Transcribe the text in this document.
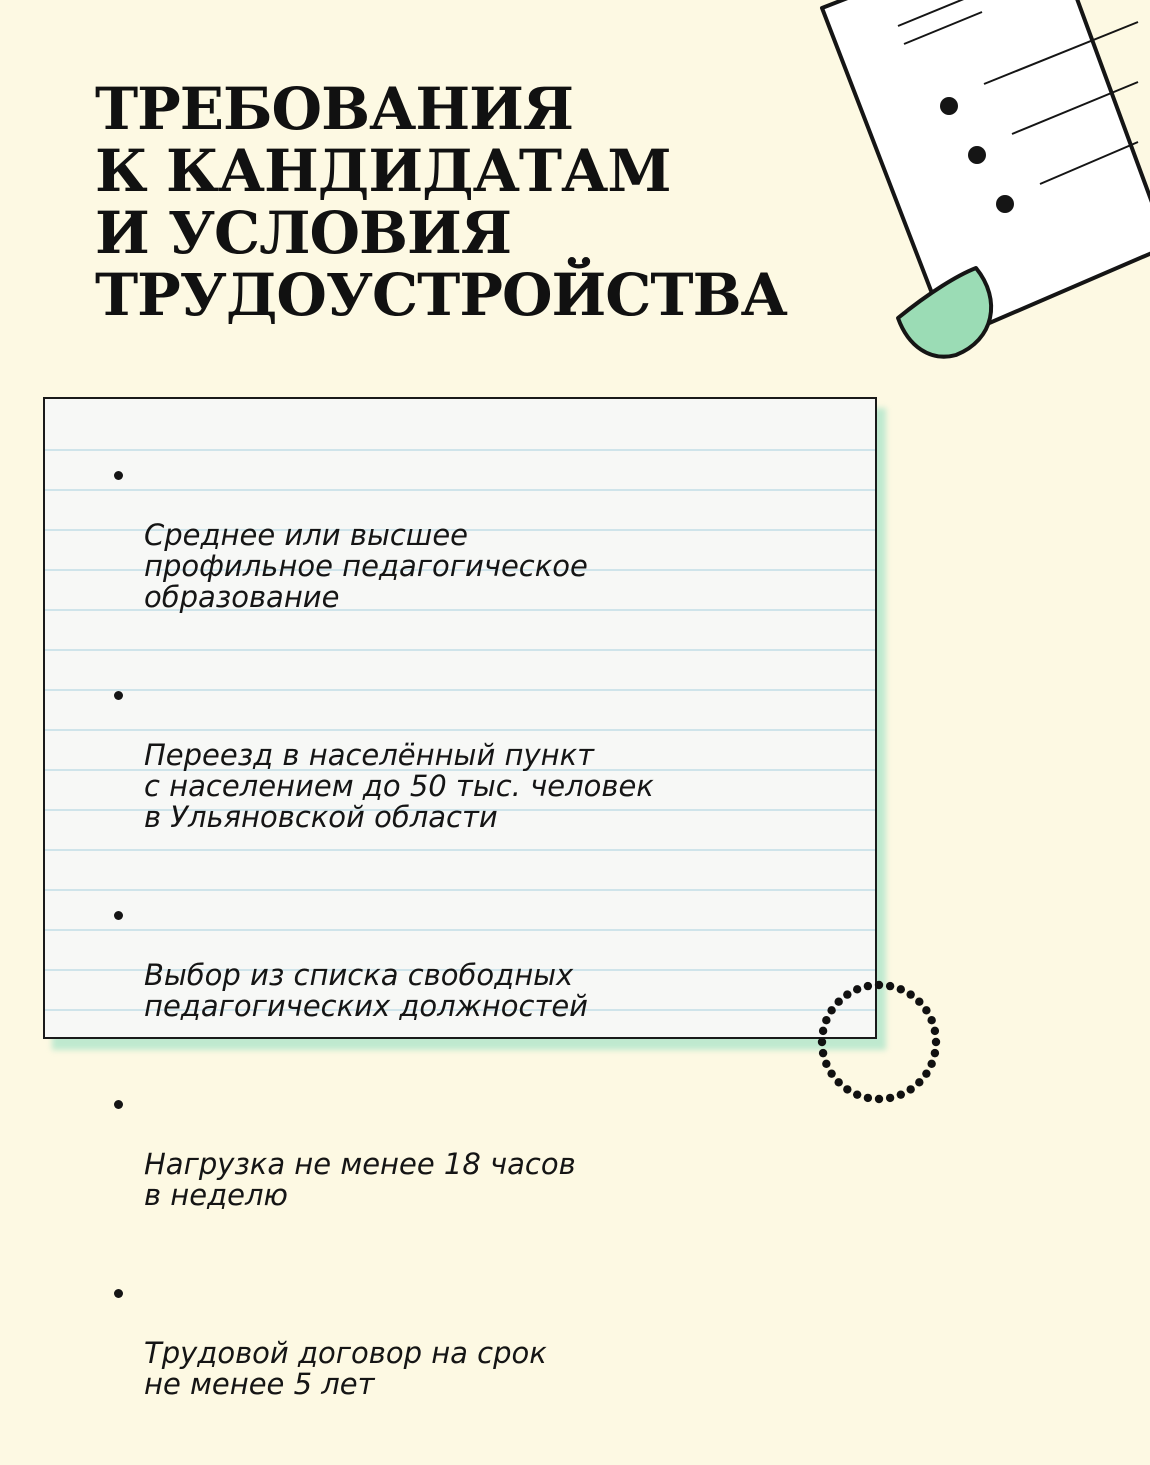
ТРЕБОВАНИЯ
К КАНДИДАТАМ
И УСЛОВИЯ
ТРУДОУСТРОЙСТВА

Среднее или высшее
профильное педагогическое
образование

Переезд в населённый пункт
с населением до 50 тыс. человек
в Ульяновской области

Выбор из списка свободных
педагогических должностей

Нагрузка не менее 18 часов
в неделю

Трудовой договор на срок
не менее 5 лет
